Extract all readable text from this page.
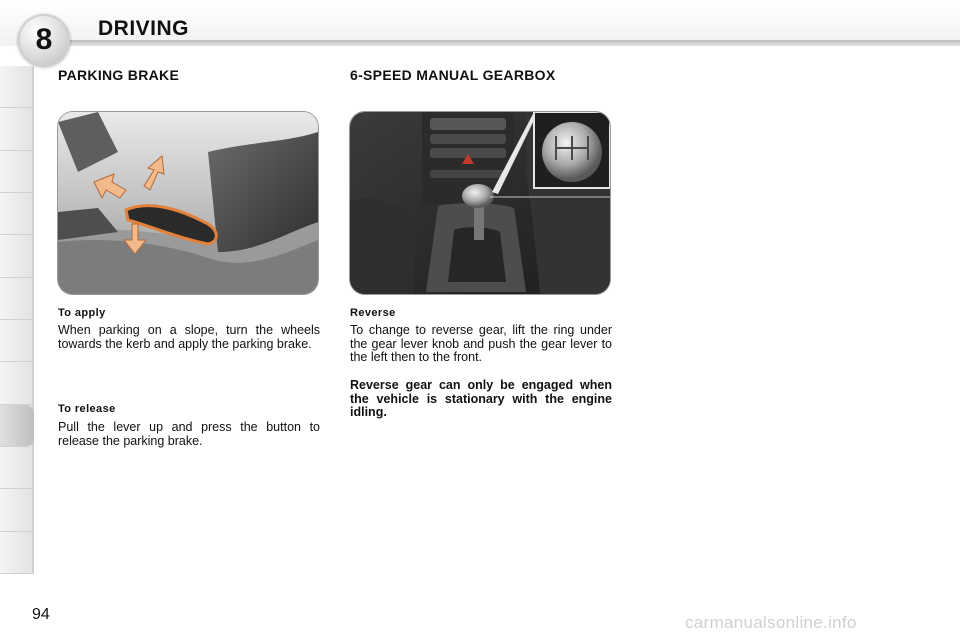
8 DRIVING
PARKING BRAKE
To apply
When parking on a slope, turn the wheels towards the kerb and apply the parking brake.
To release
Pull the lever up and press the button to release the parking brake.
6-SPEED MANUAL GEARBOX
Reverse
To change to reverse gear, lift the ring under the gear lever knob and push the gear lever to the left then to the front.
Reverse gear can only be engaged when the vehicle is stationary with the engine idling.
94	carmanualsonline.info
